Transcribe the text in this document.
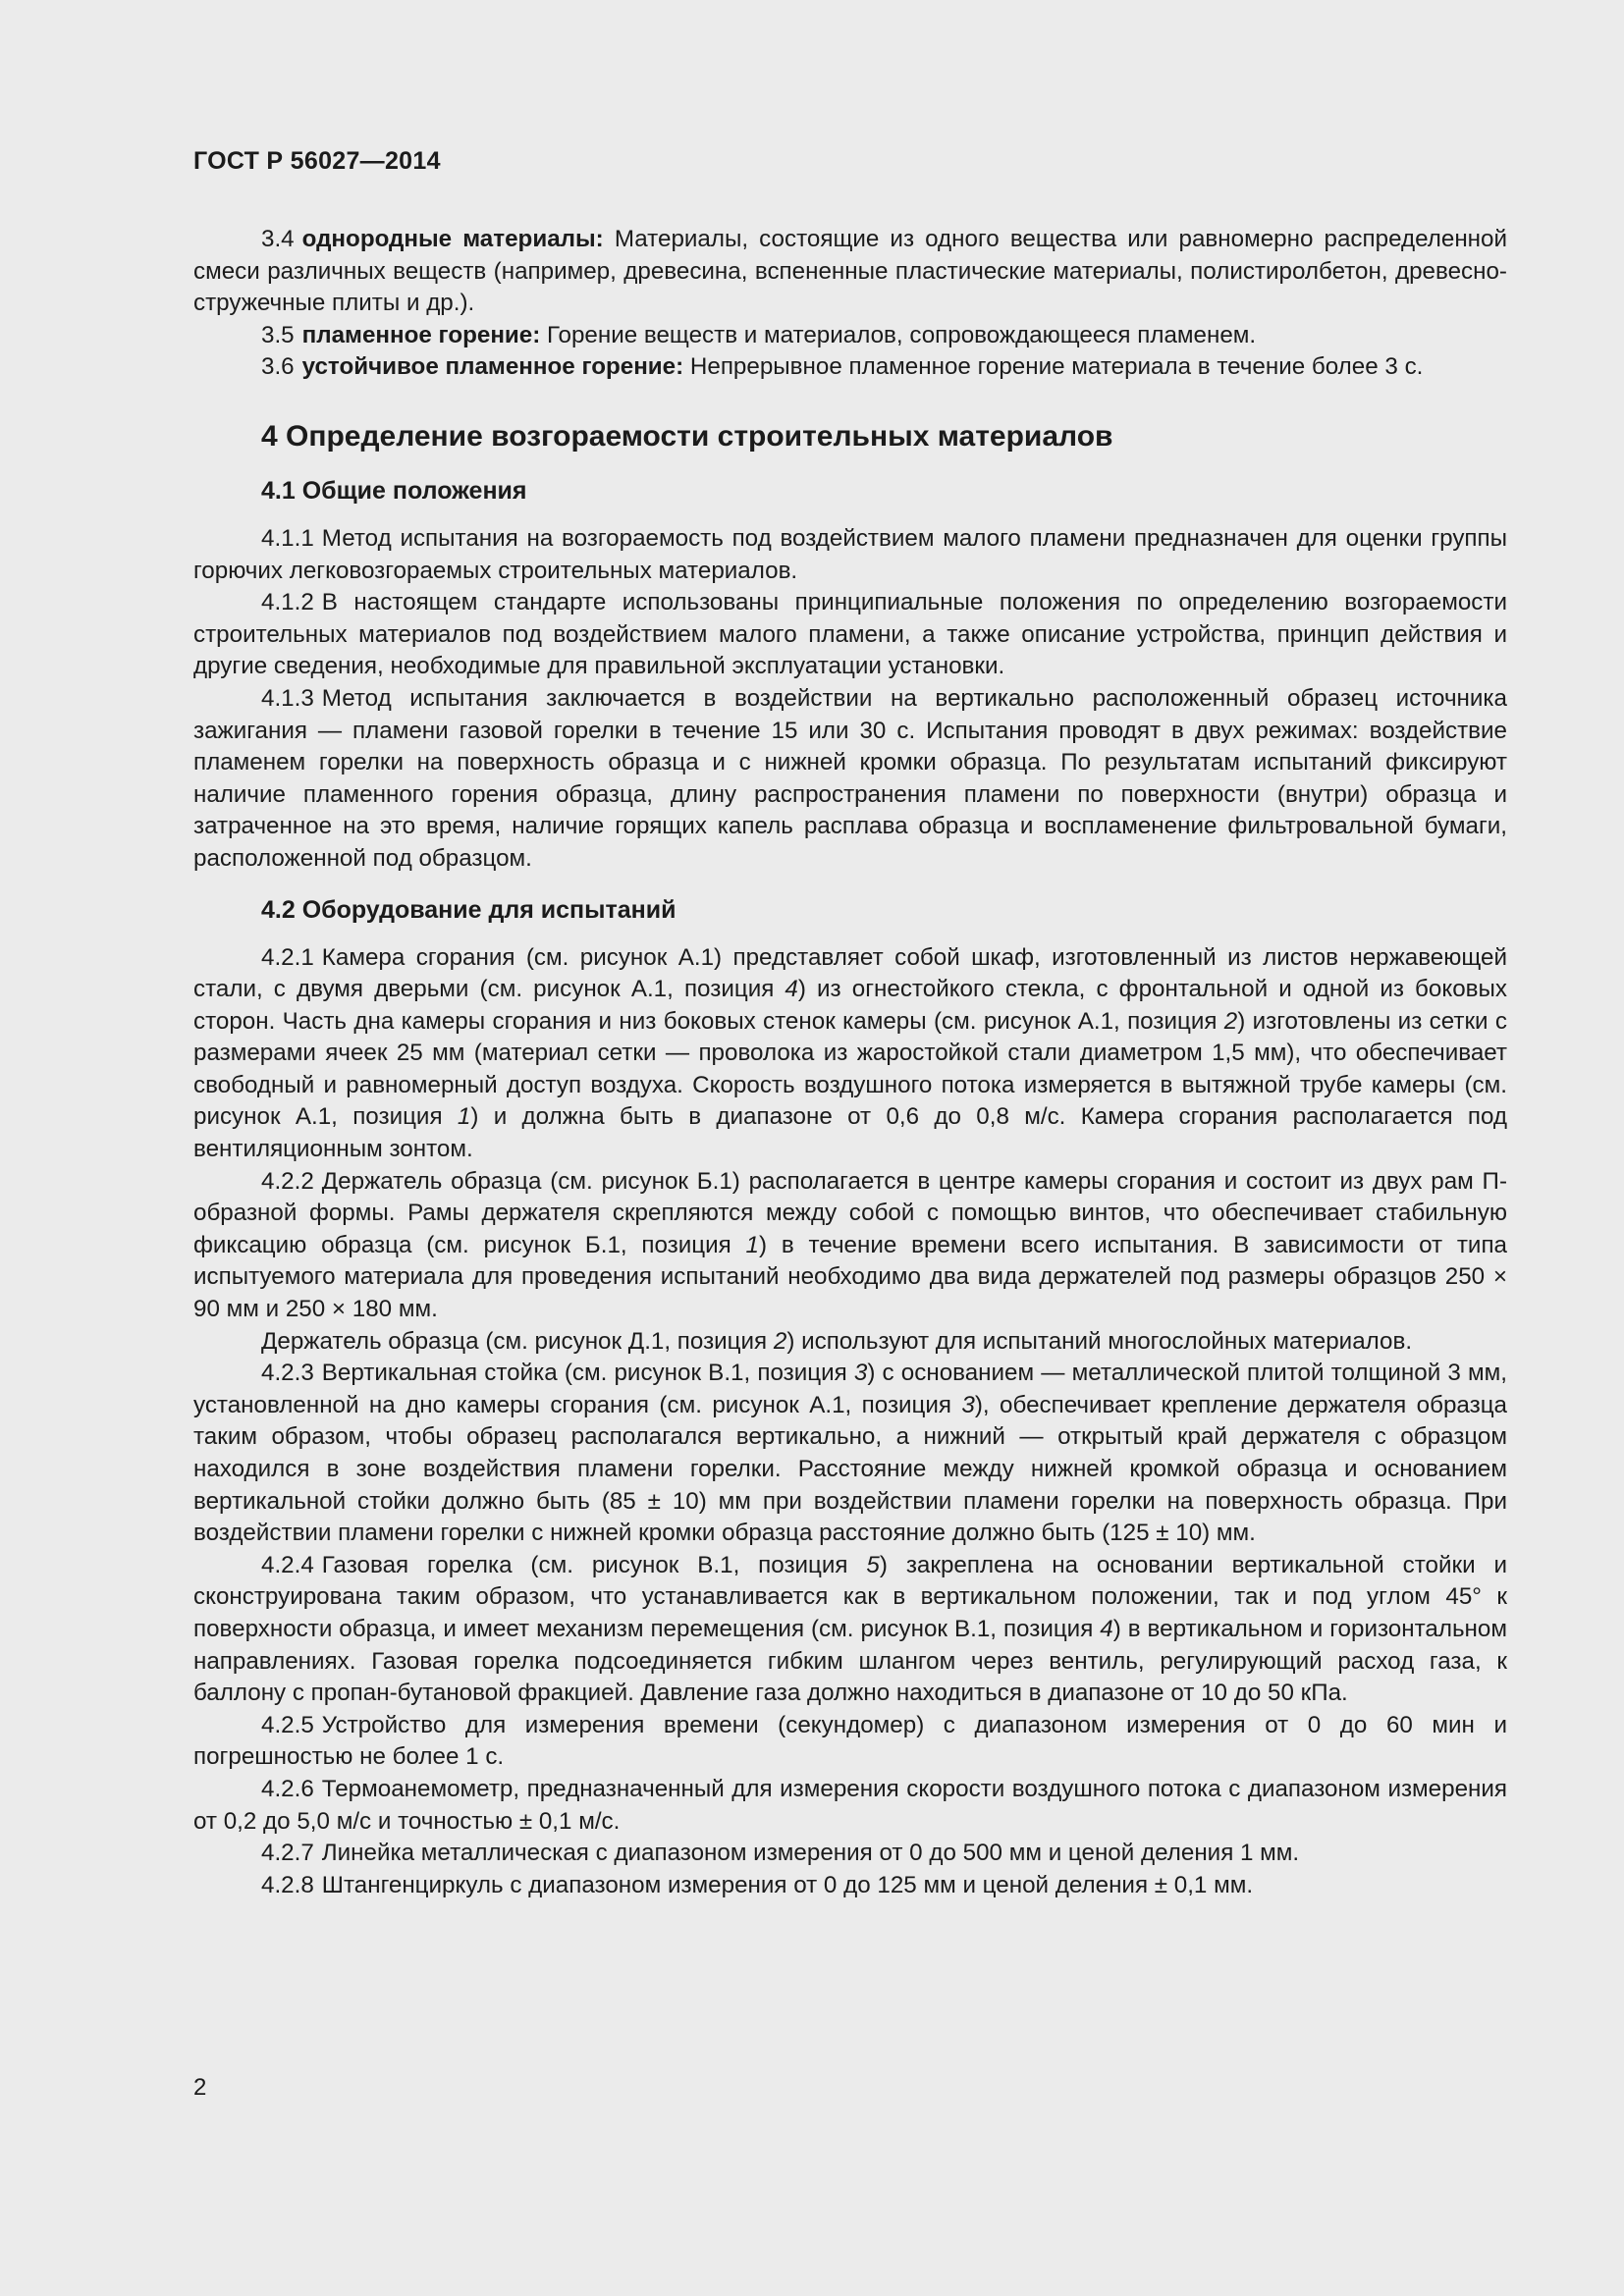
ГОСТ Р 56027—2014

3.4 однородные материалы: Материалы, состоящие из одного вещества или равномерно распределенной смеси различных веществ (например, древесина, вспененные пластические материалы, полистиролбетон, древесно-стружечные плиты и др.).

3.5 пламенное горение: Горение веществ и материалов, сопровождающееся пламенем.

3.6 устойчивое пламенное горение: Непрерывное пламенное горение материала в течение более 3 с.

4 Определение возгораемости строительных материалов
4.1 Общие положения

4.1.1 Метод испытания на возгораемость под воздействием малого пламени предназначен для оценки группы горючих легковозгораемых строительных материалов.

4.1.2 В настоящем стандарте использованы принципиальные положения по определению возгораемости строительных материалов под воздействием малого пламени, а также описание устройства, принцип действия и другие сведения, необходимые для правильной эксплуатации установки.

4.1.3 Метод испытания заключается в воздействии на вертикально расположенный образец источника зажигания — пламени газовой горелки в течение 15 или 30 с. Испытания проводят в двух режимах: воздействие пламенем горелки на поверхность образца и с нижней кромки образца. По результатам испытаний фиксируют наличие пламенного горения образца, длину распространения пламени по поверхности (внутри) образца и затраченное на это время, наличие горящих капель расплава образца и воспламенение фильтровальной бумаги, расположенной под образцом.

4.2 Оборудование для испытаний

4.2.1 Камера сгорания (см. рисунок А.1) представляет собой шкаф, изготовленный из листов нержавеющей стали, с двумя дверьми (см. рисунок А.1, позиция 4) из огнестойкого стекла, с фронтальной и одной из боковых сторон. Часть дна камеры сгорания и низ боковых стенок камеры (см. рисунок А.1, позиция 2) изготовлены из сетки с размерами ячеек 25 мм (материал сетки — проволока из жаростойкой стали диаметром 1,5 мм), что обеспечивает свободный и равномерный доступ воздуха. Скорость воздушного потока измеряется в вытяжной трубе камеры (см. рисунок А.1, позиция 1) и должна быть в диапазоне от 0,6 до 0,8 м/с. Камера сгорания располагается под вентиляционным зонтом.

4.2.2 Держатель образца (см. рисунок Б.1) располагается в центре камеры сгорания и состоит из двух рам П-образной формы. Рамы держателя скрепляются между собой с помощью винтов, что обеспечивает стабильную фиксацию образца (см. рисунок Б.1, позиция 1) в течение времени всего испытания. В зависимости от типа испытуемого материала для проведения испытаний необходимо два вида держателей под размеры образцов 250 × 90 мм и 250 × 180 мм.

Держатель образца (см. рисунок Д.1, позиция 2) используют для испытаний многослойных материалов.

4.2.3 Вертикальная стойка (см. рисунок В.1, позиция 3) с основанием — металлической плитой толщиной 3 мм, установленной на дно камеры сгорания (см. рисунок А.1, позиция 3), обеспечивает крепление держателя образца таким образом, чтобы образец располагался вертикально, а нижний — открытый край держателя с образцом находился в зоне воздействия пламени горелки. Расстояние между нижней кромкой образца и основанием вертикальной стойки должно быть (85 ± 10) мм при воздействии пламени горелки на поверхность образца. При воздействии пламени горелки с нижней кромки образца расстояние должно быть (125 ± 10) мм.

4.2.4 Газовая горелка (см. рисунок В.1, позиция 5) закреплена на основании вертикальной стойки и сконструирована таким образом, что устанавливается как в вертикальном положении, так и под углом 45° к поверхности образца, и имеет механизм перемещения (см. рисунок В.1, позиция 4) в вертикальном и горизонтальном направлениях. Газовая горелка подсоединяется гибким шлангом через вентиль, регулирующий расход газа, к баллону с пропан-бутановой фракцией. Давление газа должно находиться в диапазоне от 10 до 50 кПа.

4.2.5 Устройство для измерения времени (секундомер) с диапазоном измерения от 0 до 60 мин и погрешностью не более 1 с.

4.2.6 Термоанемометр, предназначенный для измерения скорости воздушного потока с диапазоном измерения от 0,2 до 5,0 м/с и точностью ± 0,1 м/с.

4.2.7 Линейка металлическая с диапазоном измерения от 0 до 500 мм и ценой деления 1 мм.

4.2.8 Штангенциркуль с диапазоном измерения от 0 до 125 мм и ценой деления ± 0,1 мм.

2
